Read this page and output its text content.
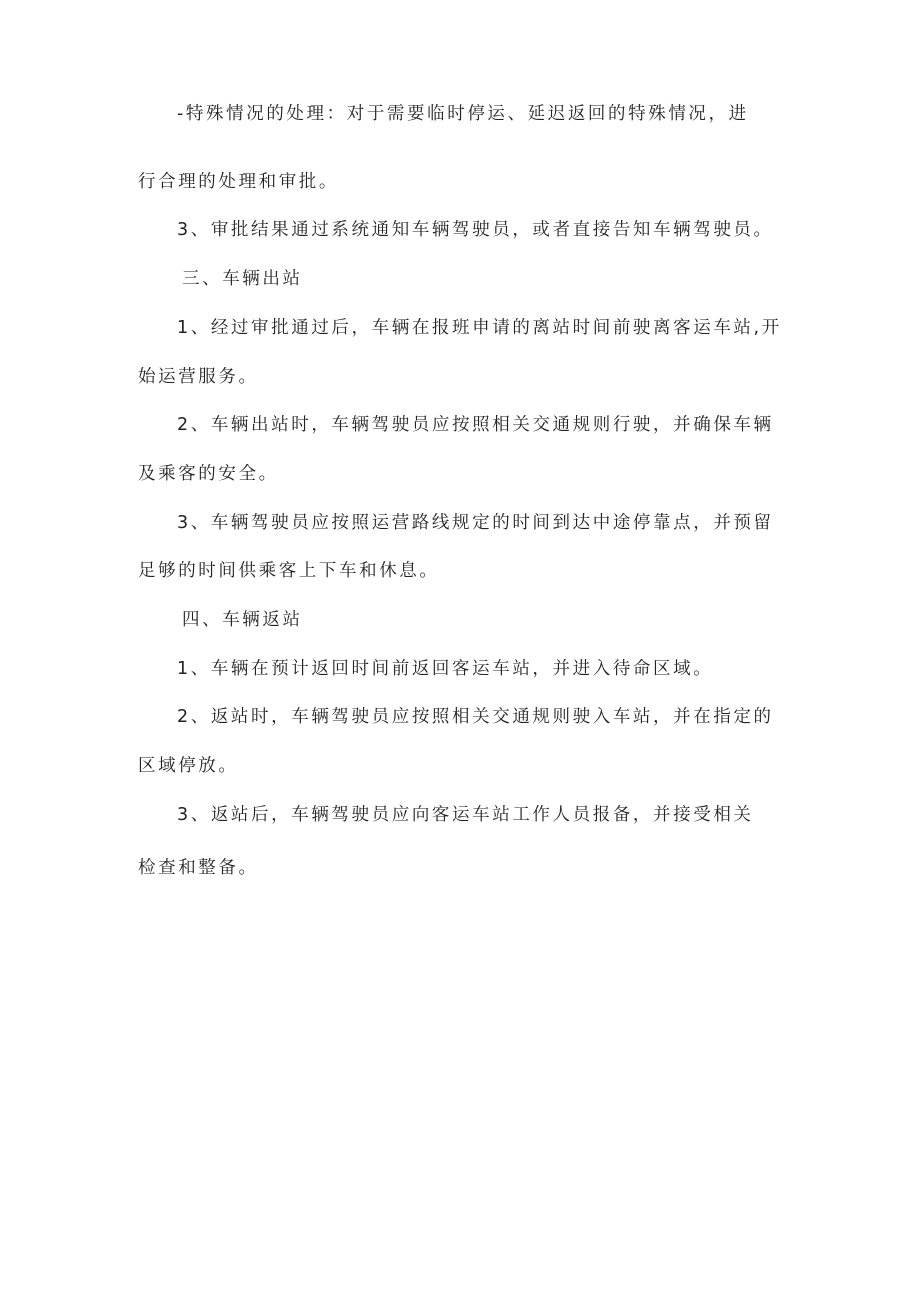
-特殊情况的处理：对于需要临时停运、延迟返回的特殊情况，进
行合理的处理和审批。
3、审批结果通过系统通知车辆驾驶员，或者直接告知车辆驾驶员。
三、车辆出站
1、经过审批通过后，车辆在报班申请的离站时间前驶离客运车站,开
始运营服务。
2、车辆出站时，车辆驾驶员应按照相关交通规则行驶，并确保车辆
及乘客的安全。
3、车辆驾驶员应按照运营路线规定的时间到达中途停靠点，并预留
足够的时间供乘客上下车和休息。
四、车辆返站
1、车辆在预计返回时间前返回客运车站，并进入待命区域。
2、返站时，车辆驾驶员应按照相关交通规则驶入车站，并在指定的
区域停放。
3、返站后，车辆驾驶员应向客运车站工作人员报备，并接受相关
检查和整备。
